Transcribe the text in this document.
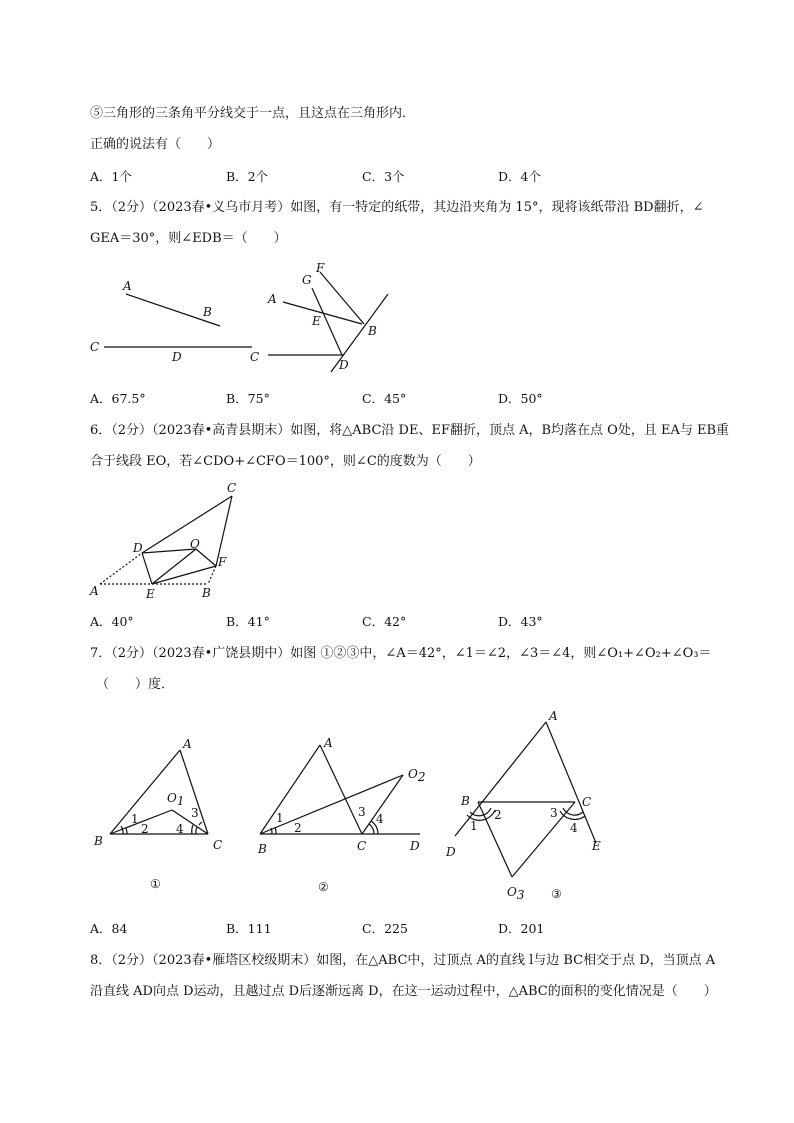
⑤三角形的三条角平分线交于一点，且这点在三角形内．
正确的说法有（　　）
A．1个	B．2个	C．3个	D．4个
5．（2分）（2023春•义乌市月考）如图，有一特定的纸带，其边沿夹角为 15°，现将该纸带沿 BD翻折，∠
GEA＝30°，则∠EDB＝（　　）
A
B
C
D	C
A
G
F
E
B
D
A．67.5°	B．75°	C．45°	D．50°
6．（2分）（2023春•高青县期末）如图，将△ABC沿 DE、EF翻折，顶点 A，B均落在点 O处，且 EA与 EB重
合于线段 EO，若∠CDO+∠CFO＝100°，则∠C的度数为（　　）
C
D	O
F
A	E	B
A．40°	B．41°	C．42°	D．43°
7．（2分）（2023春•广饶县期中）如图 ①②③中，∠A＝42°，∠1＝∠2，∠3＝∠4，则∠O₁+∠O₂+∠O₃＝
（　　）度．
A
B	C
O1
1
2
3
4
①
A
B	C	D
O2
1
2
3 4
②
A
B	C
D	E
O3
1
2	3
4
③
A．84	B．111	C．225	D．201
8．（2分）（2023春•雁塔区校级期末）如图，在△ABC中，过顶点 A的直线 l与边 BC相交于点 D，当顶点 A
沿直线 AD向点 D运动，且越过点 D后逐渐远离 D，在这一运动过程中，△ABC的面积的变化情况是（　　）
